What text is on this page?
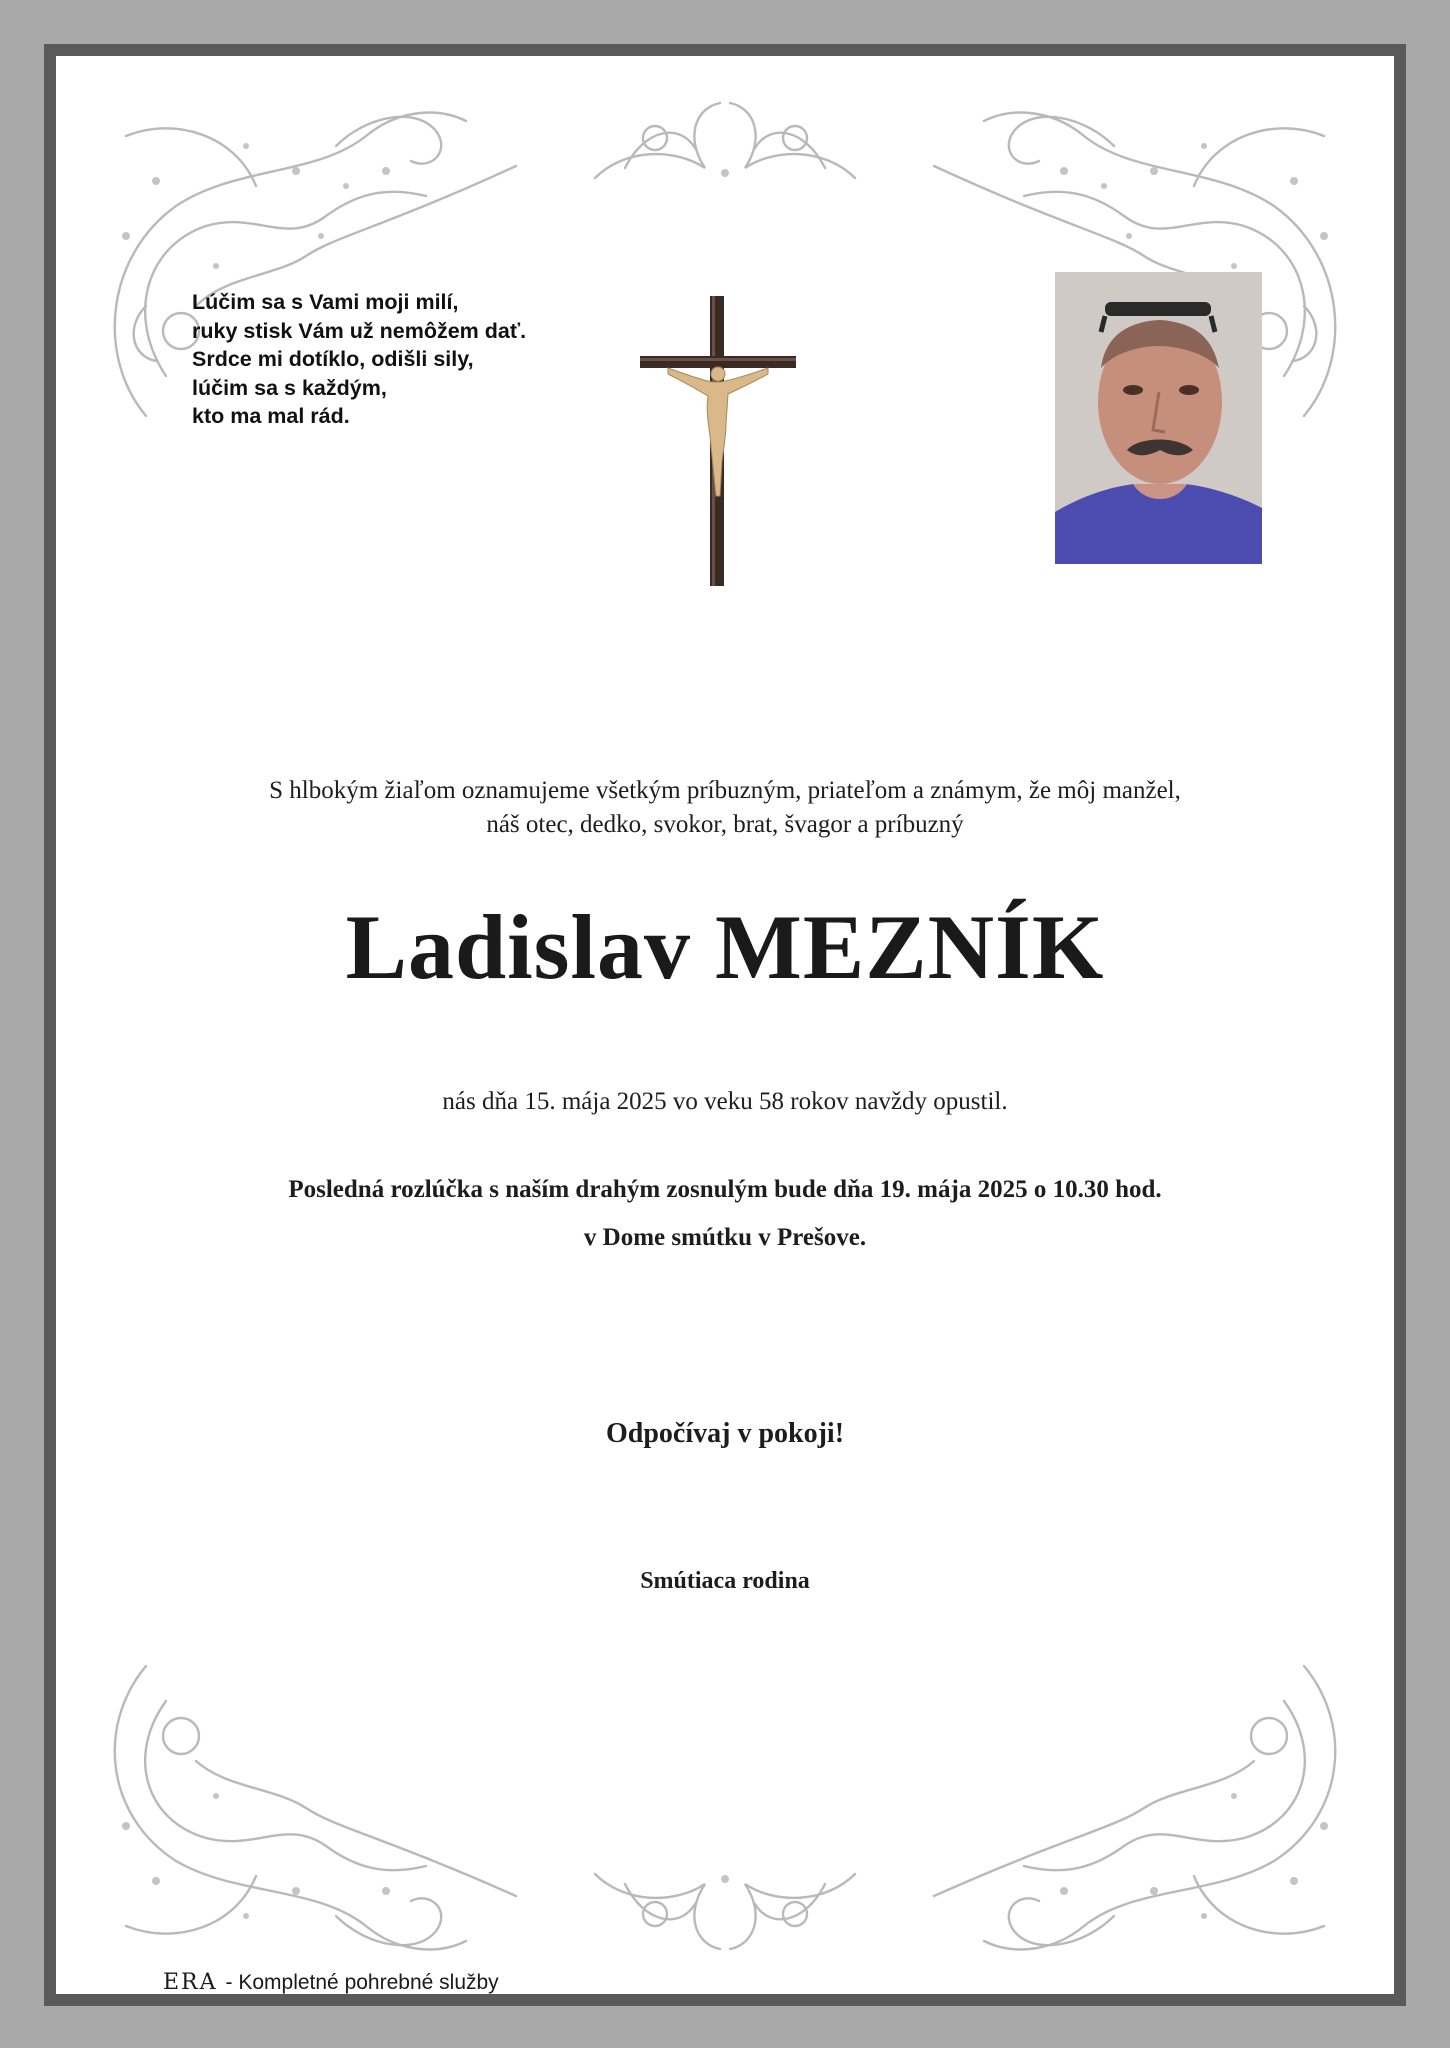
Lúčim sa s Vami moji milí,
ruky stisk Vám už nemôžem dať.
Srdce mi dotíklo, odišli sily,
lúčim sa s každým,
kto ma mal rád.
S hlbokým žiaľom oznamujeme všetkým príbuzným, priateľom a známym, že môj manžel,
náš otec, dedko, svokor, brat, švagor a príbuzný
Ladislav MEZNÍK
nás dňa 15. mája 2025 vo veku 58 rokov navždy opustil.
Posledná rozlúčka s naším drahým zosnulým bude dňa 19. mája 2025 o 10.30 hod.
v Dome smútku v Prešove.
Odpočívaj v pokoji!
Smútiaca rodina
ERA - Kompletné pohrebné služby
